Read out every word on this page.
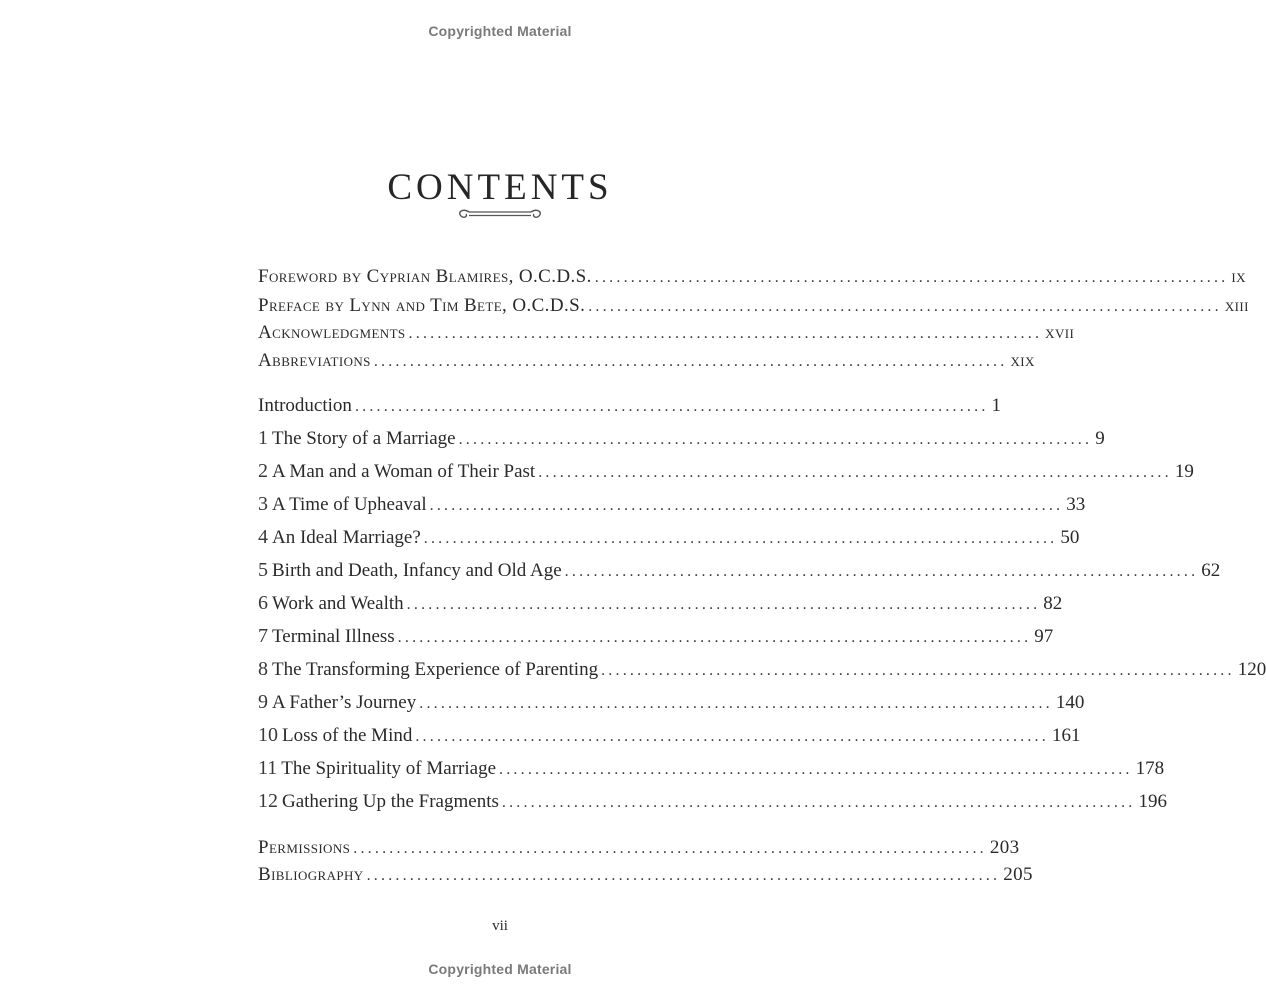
Copyrighted Material
CONTENTS
Foreword by Cyprian Blamires, O.C.D.S. ........................................................................................ ix
Preface by Lynn and Tim Bete, O.C.D.S. ........................................................................................ xiii
Acknowledgments ........................................................................................ xvii
Abbreviations ........................................................................................ xix
Introduction ........................................................................................ 1
1 The Story of a Marriage ........................................................................................ 9
2 A Man and a Woman of Their Past ........................................................................................ 19
3 A Time of Upheaval ........................................................................................ 33
4 An Ideal Marriage? ........................................................................................ 50
5 Birth and Death, Infancy and Old Age ........................................................................................ 62
6 Work and Wealth ........................................................................................ 82
7 Terminal Illness ........................................................................................ 97
8 The Transforming Experience of Parenting ........................................................................................ 120
9 A Father’s Journey ........................................................................................ 140
10 Loss of the Mind ........................................................................................ 161
11 The Spirituality of Marriage ........................................................................................ 178
12 Gathering Up the Fragments ........................................................................................ 196
Permissions ........................................................................................ 203
Bibliography ........................................................................................ 205
vii
Copyrighted Material
